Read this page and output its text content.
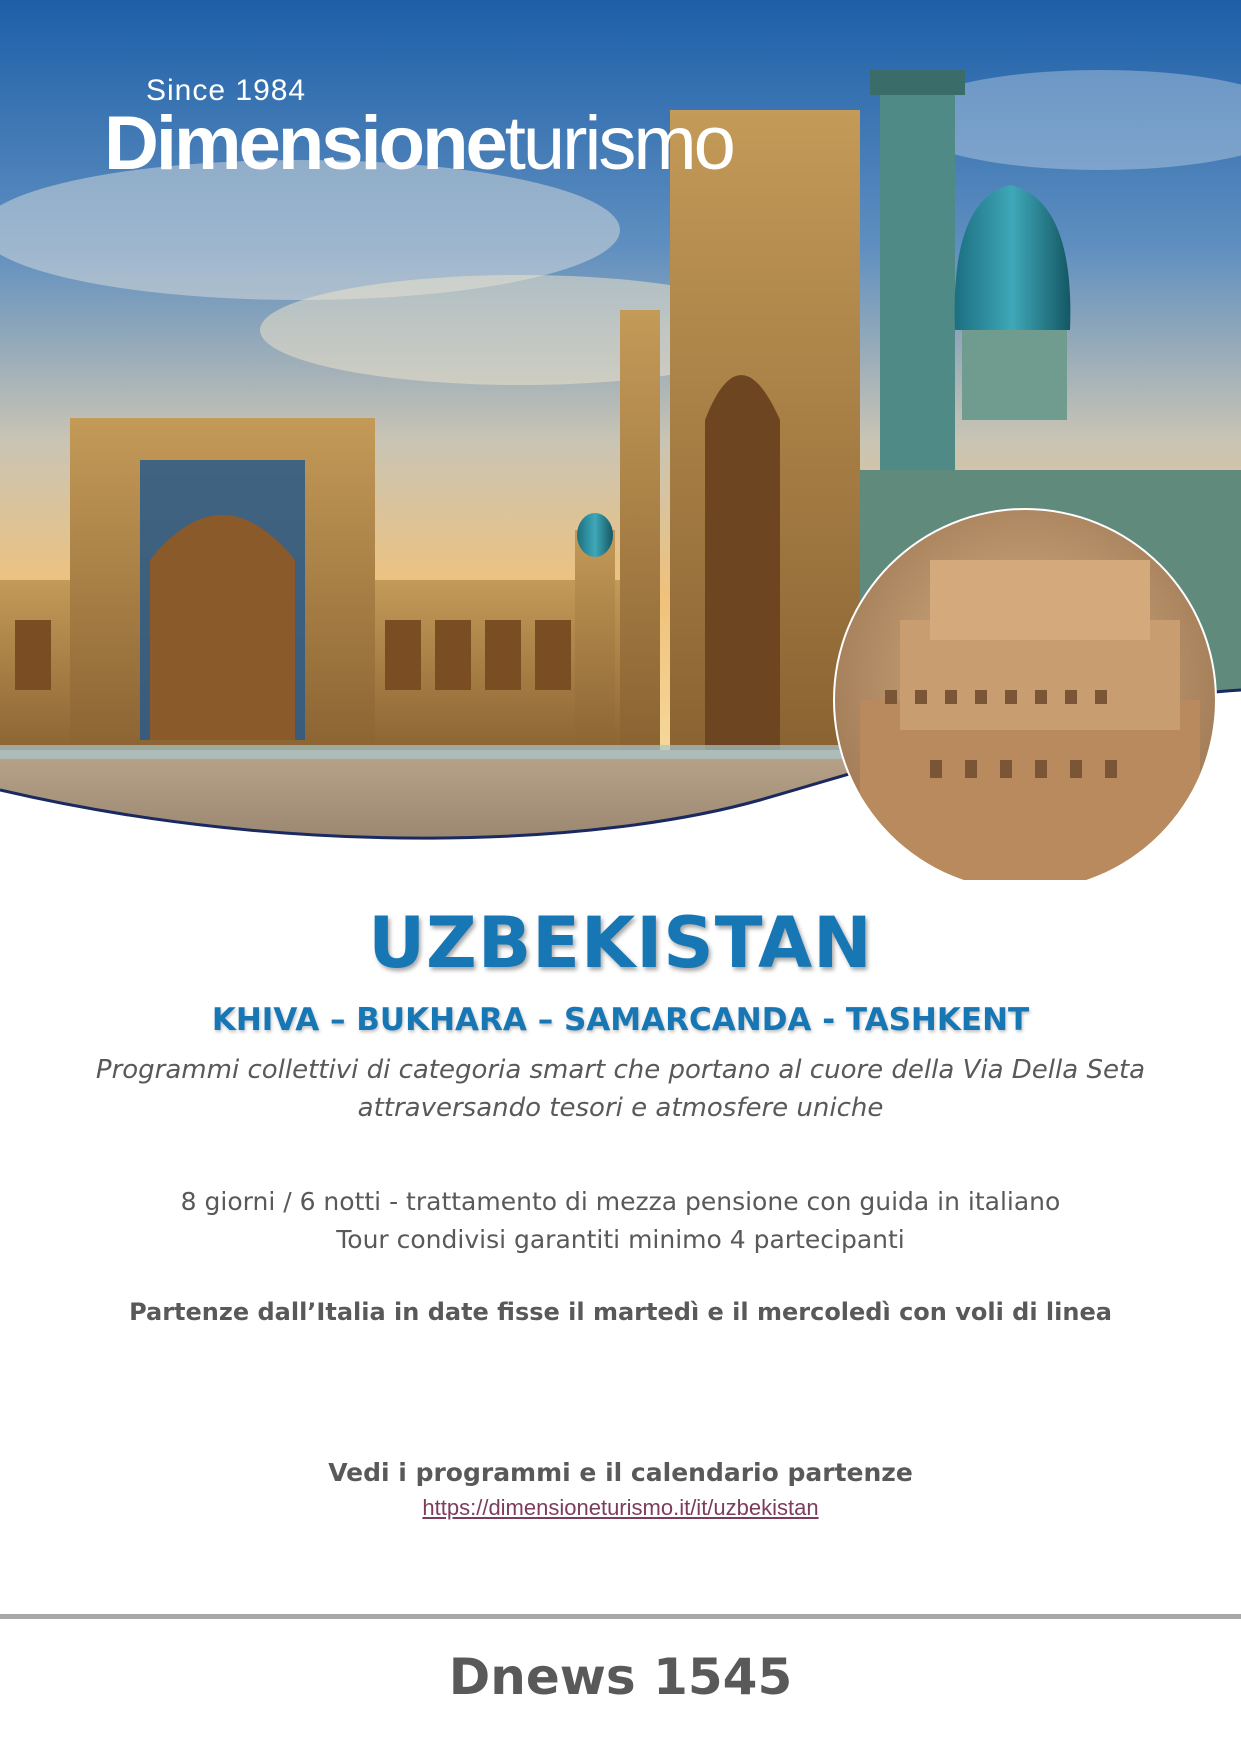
Since 1984
Dimensioneturismo
UZBEKISTAN
KHIVA – BUKHARA – SAMARCANDA - TASHKENT
Programmi collettivi di categoria smart che portano al cuore della Via Della Seta
attraversando tesori e atmosfere uniche
8 giorni / 6 notti - trattamento di mezza pensione con guida in italiano
Tour condivisi garantiti minimo 4 partecipanti
Partenze dall’Italia in date fisse il martedì e il mercoledì con voli di linea
Vedi i programmi e il calendario partenze
https://dimensioneturismo.it/it/uzbekistan
Dnews 1545
